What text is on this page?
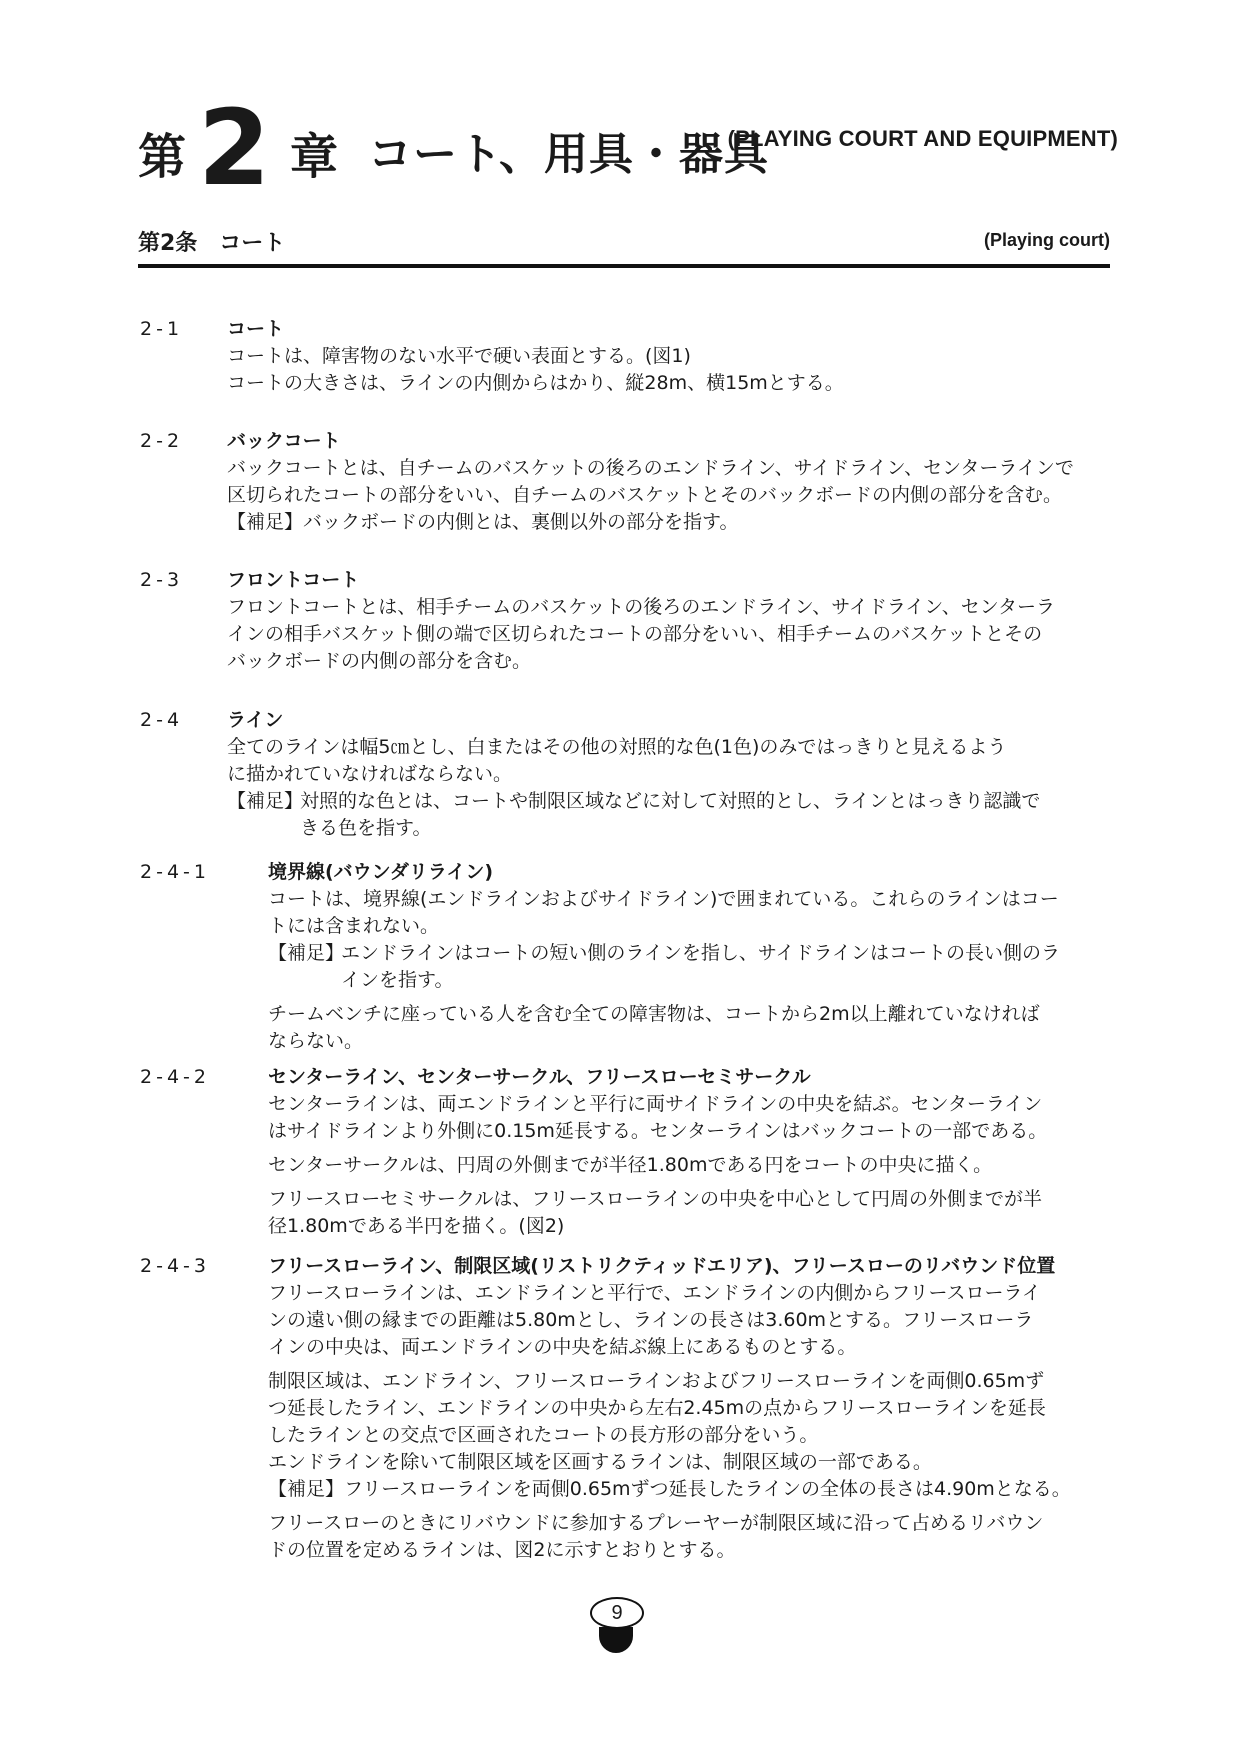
第 2 章 コート、用具・器具
(PLAYING COURT AND EQUIPMENT)
第2条　コート	(Playing court)
2-1 コート
コートは、障害物のない水平で硬い表面とする。(図1)
コートの大きさは、ラインの内側からはかり、縦28m、横15mとする。
2-2 バックコート
バックコートとは、自チームのバスケットの後ろのエンドライン、サイドライン、センターラインで
区切られたコートの部分をいい、自チームのバスケットとそのバックボードの内側の部分を含む。
【補足】バックボードの内側とは、裏側以外の部分を指す。
2-3 フロントコート
フロントコートとは、相手チームのバスケットの後ろのエンドライン、サイドライン、センターラ
インの相手バスケット側の端で区切られたコートの部分をいい、相手チームのバスケットとその
バックボードの内側の部分を含む。
2-4 ライン
全てのラインは幅5㎝とし、白またはその他の対照的な色(1色)のみではっきりと見えるよう
に描かれていなければならない。
【補足】対照的な色とは、コートや制限区域などに対して対照的とし、ラインとはっきり認識で
きる色を指す。
2-4-1	境界線(バウンダリライン)
コートは、境界線(エンドラインおよびサイドライン)で囲まれている。これらのラインはコー
トには含まれない。
【補足】エンドラインはコートの短い側のラインを指し、サイドラインはコートの長い側のラ
インを指す。
チームベンチに座っている人を含む全ての障害物は、コートから2m以上離れていなければ
ならない。
2-4-2	センターライン、センターサークル、フリースローセミサークル
センターラインは、両エンドラインと平行に両サイドラインの中央を結ぶ。センターライン
はサイドラインより外側に0.15m延長する。センターラインはバックコートの一部である。
センターサークルは、円周の外側までが半径1.80mである円をコートの中央に描く。
フリースローセミサークルは、フリースローラインの中央を中心として円周の外側までが半
径1.80mである半円を描く。(図2)
2-4-3	フリースローライン、制限区域(リストリクティッドエリア)、フリースローのリバウンド位置
フリースローラインは、エンドラインと平行で、エンドラインの内側からフリースローライ
ンの遠い側の縁までの距離は5.80mとし、ラインの長さは3.60mとする。フリースローラ
インの中央は、両エンドラインの中央を結ぶ線上にあるものとする。
制限区域は、エンドライン、フリースローラインおよびフリースローラインを両側0.65mず
つ延長したライン、エンドラインの中央から左右2.45mの点からフリースローラインを延長
したラインとの交点で区画されたコートの長方形の部分をいう。
エンドラインを除いて制限区域を区画するラインは、制限区域の一部である。
【補足】フリースローラインを両側0.65mずつ延長したラインの全体の長さは4.90mとなる。
フリースローのときにリバウンドに参加するプレーヤーが制限区域に沿って占めるリバウン
ドの位置を定めるラインは、図2に示すとおりとする。
9
